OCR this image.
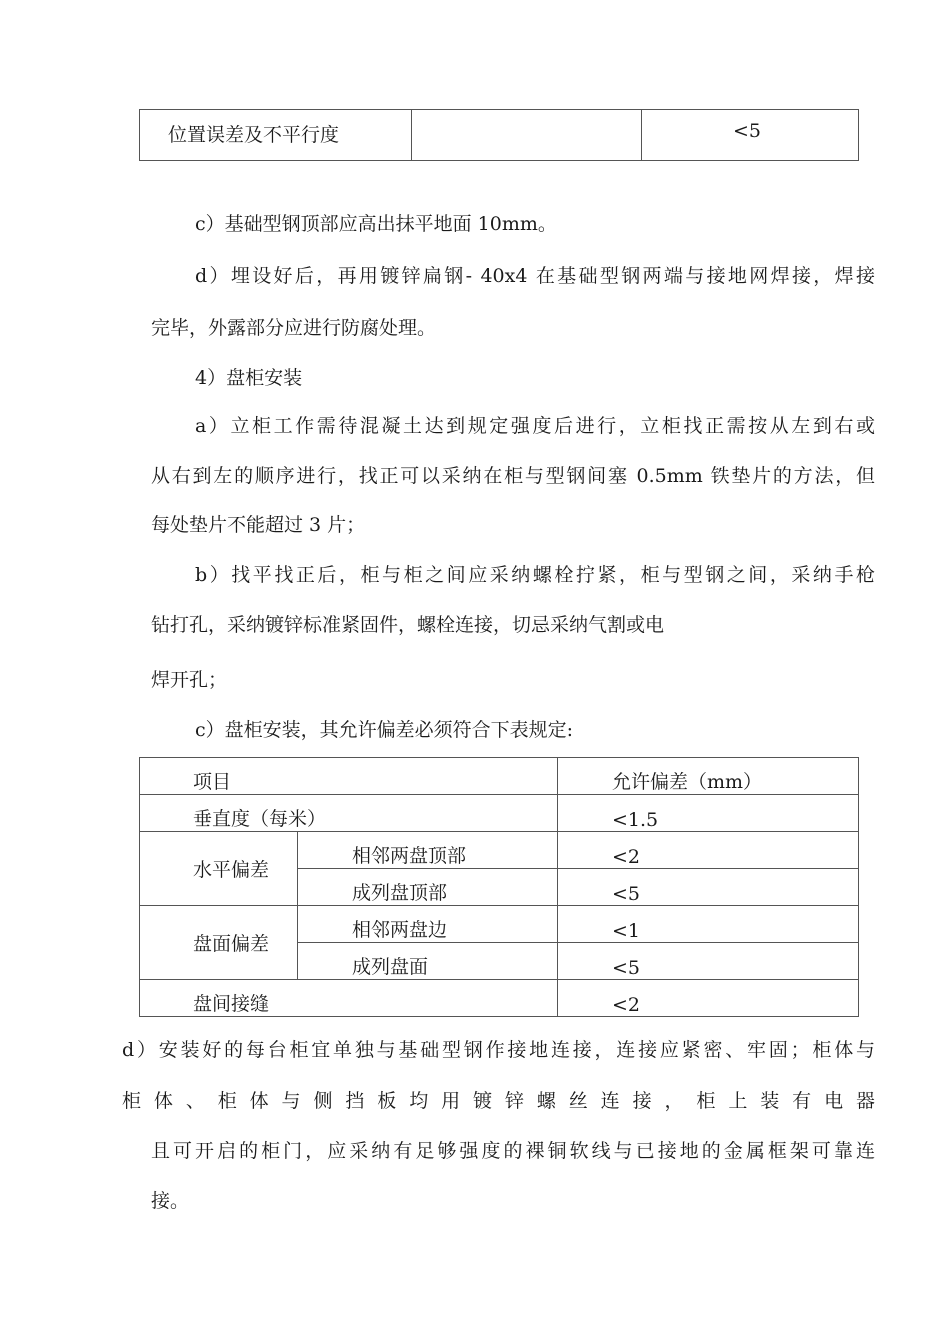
位置误差及不平行度		<5
c）基础型钢顶部应高出抹平地面 10mm。
d）埋设好后，再用镀锌扁钢- 40x4 在基础型钢两端与接地网焊接，焊接
完毕，外露部分应进行防腐处理。
4）盘柜安装
a）立柜工作需待混凝土达到规定强度后进行，立柜找正需按从左到右或
从右到左的顺序进行，找正可以采纳在柜与型钢间塞 0.5mm 铁垫片的方法，但
每处垫片不能超过 3 片；
b）找平找正后，柜与柜之间应采纳螺栓拧紧，柜与型钢之间，采纳手枪
钻打孔，采纳镀锌标准紧固件，螺栓连接，切忌采纳气割或电
焊开孔；
c）盘柜安装，其允许偏差必须符合下表规定:
项目		允许偏差（mm）
垂直度（每米）		<1.5
水平偏差	相邻两盘顶部	<2
	成列盘顶部	<5
盘面偏差	相邻两盘边	<1
	成列盘面	<5
盘间接缝		<2
d）安装好的每台柜宜单独与基础型钢作接地连接，连接应紧密、牢固；柜体与
柜体、柜体与侧挡板均用镀锌螺丝连接，柜上装有电器
且可开启的柜门，应采纳有足够强度的裸铜软线与已接地的金属框架可靠连
接。
